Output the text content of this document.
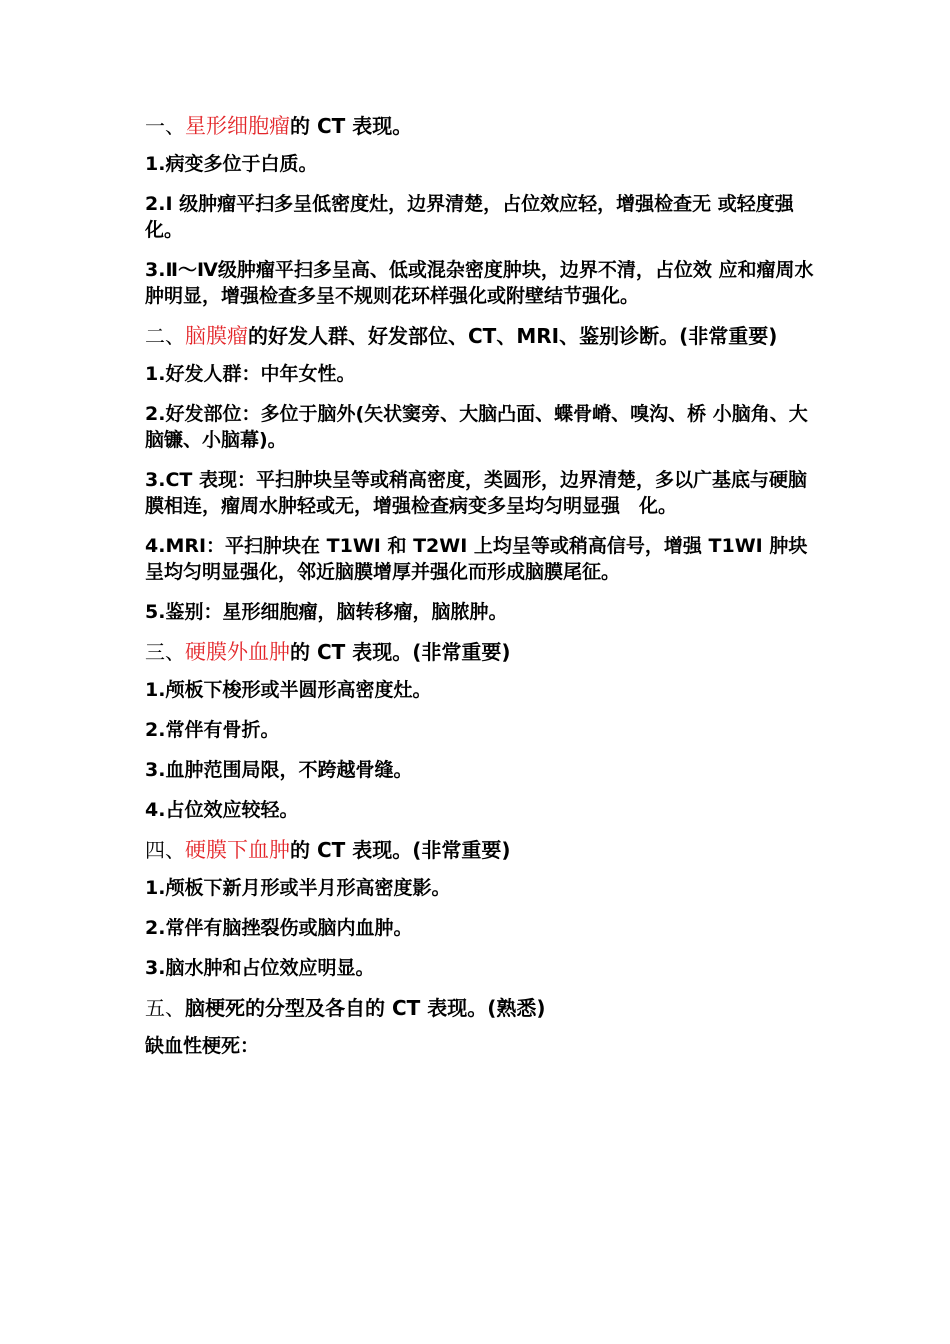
一、星形细胞瘤的 CT 表现。
1.病变多位于白质。
2.Ⅰ 级肿瘤平扫多呈低密度灶，边界清楚，占位效应轻，增强检查无 或轻度强化。
3.Ⅱ～Ⅳ级肿瘤平扫多呈高、低或混杂密度肿块，边界不清，占位效 应和瘤周水肿明显，增强检查多呈不规则花环样强化或附壁结节强化。
二、脑膜瘤的好发人群、好发部位、CT、MRI、鉴别诊断。(非常重要)
1.好发人群：中年女性。
2.好发部位：多位于脑外(矢状窦旁、大脑凸面、蝶骨嵴、嗅沟、桥 小脑角、大脑镰、小脑幕)。
3.CT 表现：平扫肿块呈等或稍高密度，类圆形，边界清楚，多以广基底与硬脑膜相连，瘤周水肿轻或无，增强检查病变多呈均匀明显强　化。
4.MRI：平扫肿块在 T1WI 和 T2WI 上均呈等或稍高信号，增强 T1WI 肿块呈均匀明显强化，邻近脑膜增厚并强化而形成脑膜尾征。
5.鉴别：星形细胞瘤，脑转移瘤，脑脓肿。
三、硬膜外血肿的 CT 表现。(非常重要)
1.颅板下梭形或半圆形高密度灶。
2.常伴有骨折。
3.血肿范围局限，不跨越骨缝。
4.占位效应较轻。
四、硬膜下血肿的 CT 表现。(非常重要)
1.颅板下新月形或半月形高密度影。
2.常伴有脑挫裂伤或脑内血肿。
3.脑水肿和占位效应明显。
五、脑梗死的分型及各自的 CT 表现。(熟悉)
缺血性梗死：
